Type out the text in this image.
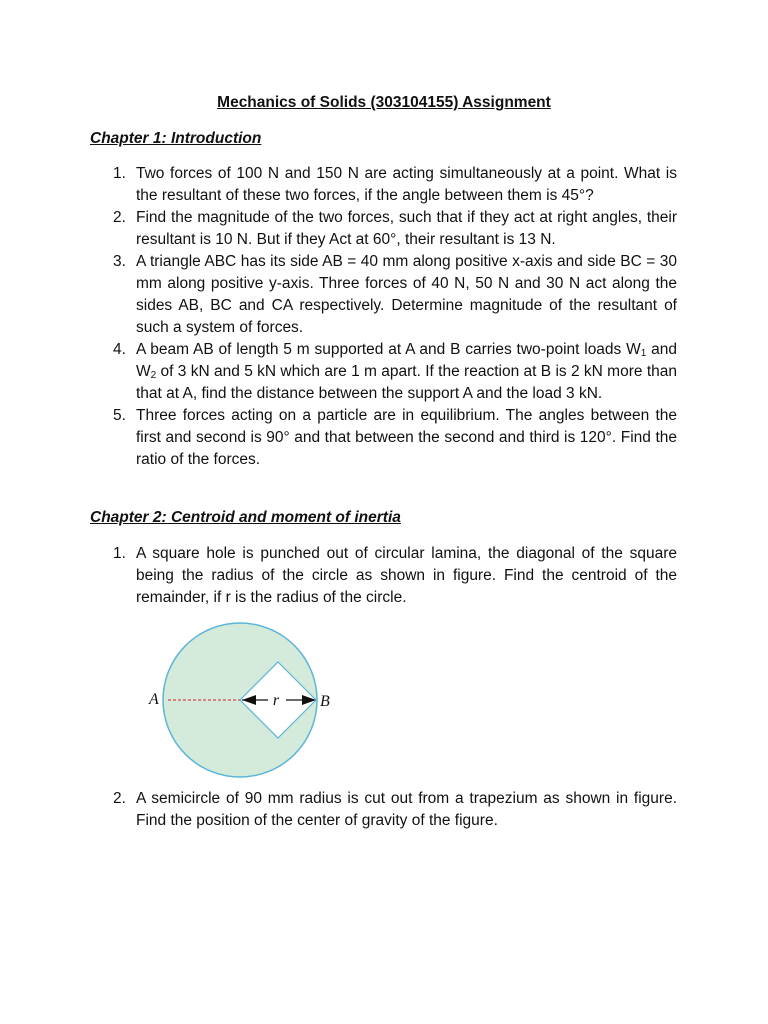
Mechanics of Solids (303104155) Assignment
Chapter 1: Introduction
1. Two forces of 100 N and 150 N are acting simultaneously at a point. What is the resultant of these two forces, if the angle between them is 45°?
2. Find the magnitude of the two forces, such that if they act at right angles, their resultant is 10 N. But if they Act at 60°, their resultant is 13 N.
3. A triangle ABC has its side AB = 40 mm along positive x-axis and side BC = 30 mm along positive y-axis. Three forces of 40 N, 50 N and 30 N act along the sides AB, BC and CA respectively. Determine magnitude of the resultant of such a system of forces.
4. A beam AB of length 5 m supported at A and B carries two-point loads $W_1$ and $W_2$ of 3 kN and 5 kN which are 1 m apart. If the reaction at B is 2 kN more than that at A, find the distance between the support A and the load 3 kN.
5. Three forces acting on a particle are in equilibrium. The angles between the first and second is 90° and that between the second and third is 120°. Find the ratio of the forces.
Chapter 2: Centroid and moment of inertia
1. A square hole is punched out of circular lamina, the diagonal of the square being the radius of the circle as shown in figure. Find the centroid of the remainder, if r is the radius of the circle.
r
A	B
2. A semicircle of 90 mm radius is cut out from a trapezium as shown in figure. Find the position of the center of gravity of the figure.
